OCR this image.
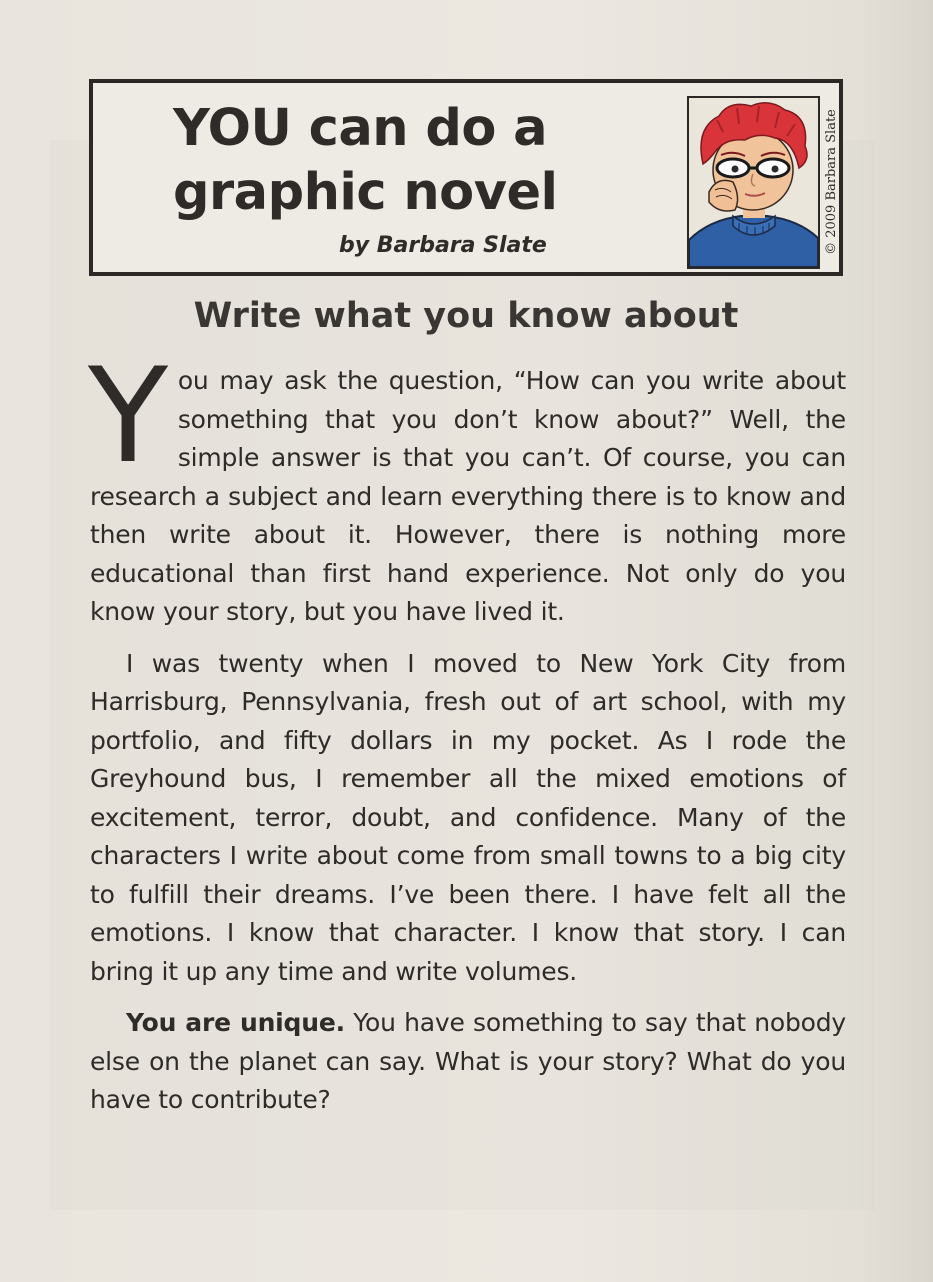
YOU can do a
graphic novel
by Barbara Slate	© 2009 Barbara Slate
Write what you know about

You may ask the question, “How can you write about something that you don’t know about?” Well, the simple answer is that you can’t. Of course, you can research a subject and learn everything there is to know and then write about it. However, there is nothing more educational than first hand experience. Not only do you know your story, but you have lived it.

I was twenty when I moved to New York City from Harrisburg, Pennsylvania, fresh out of art school, with my portfolio, and fifty dollars in my pocket. As I rode the Greyhound bus, I remember all the mixed emotions of excitement, terror, doubt, and confidence. Many of the characters I write about come from small towns to a big city to fulfill their dreams. I’ve been there. I have felt all the emotions. I know that character. I know that story. I can bring it up any time and write volumes.

You are unique. You have something to say that nobody else on the planet can say. What is your story? What do you have to contribute?
